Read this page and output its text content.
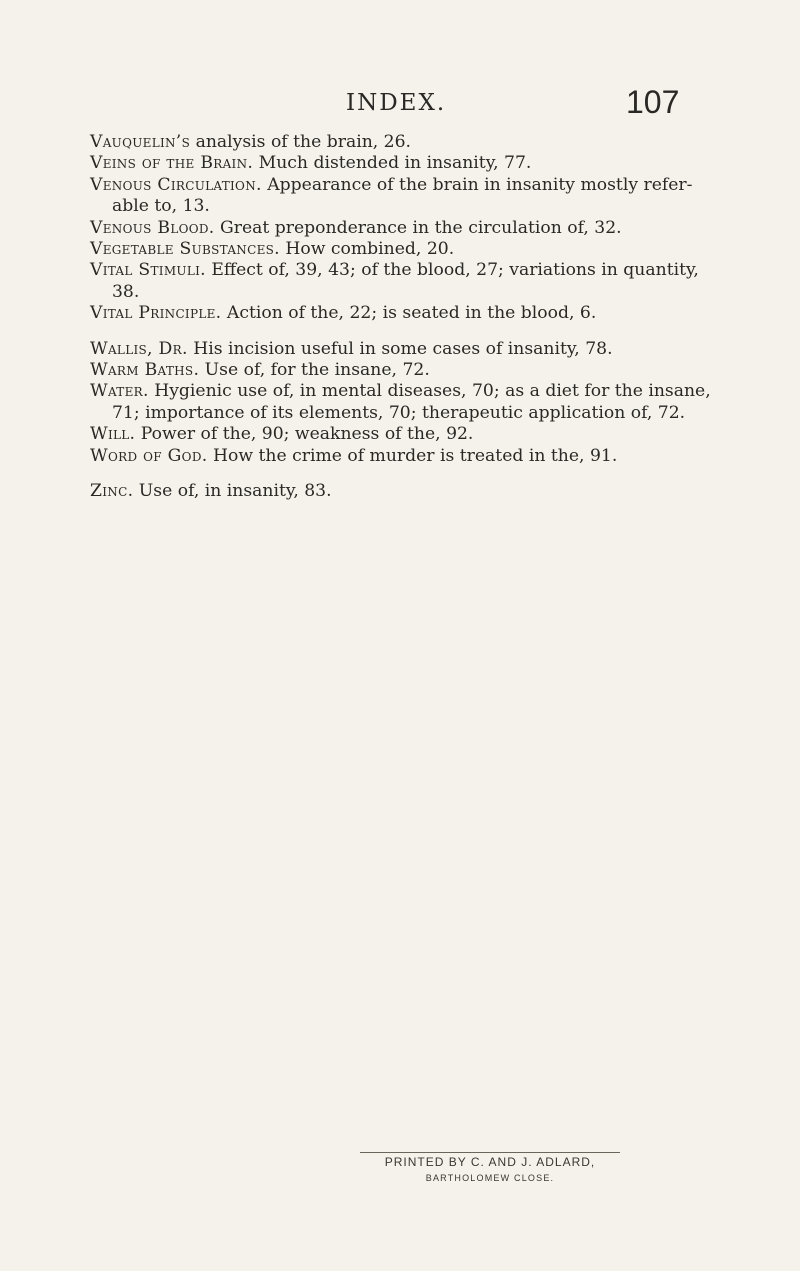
INDEX.	107

Vauquelin’s analysis of the brain, 26.

Veins of the Brain. Much distended in insanity, 77.

Venous Circulation. Appearance of the brain in insanity mostly refer- able to, 13.

Venous Blood. Great preponderance in the circulation of, 32.

Vegetable Substances. How combined, 20.

Vital Stimuli. Effect of, 39, 43; of the blood, 27; variations in quantity, 38.

Vital Principle. Action of the, 22; is seated in the blood, 6.

Wallis, Dr. His incision useful in some cases of insanity, 78.

Warm Baths. Use of, for the insane, 72.

Water. Hygienic use of, in mental diseases, 70; as a diet for the insane, 71; importance of its elements, 70; therapeutic application of, 72.

Will. Power of the, 90; weakness of the, 92.

Word of God. How the crime of murder is treated in the, 91.

Zinc. Use of, in insanity, 83.

PRINTED BY C. AND J. ADLARD,
BARTHOLOMEW CLOSE.
